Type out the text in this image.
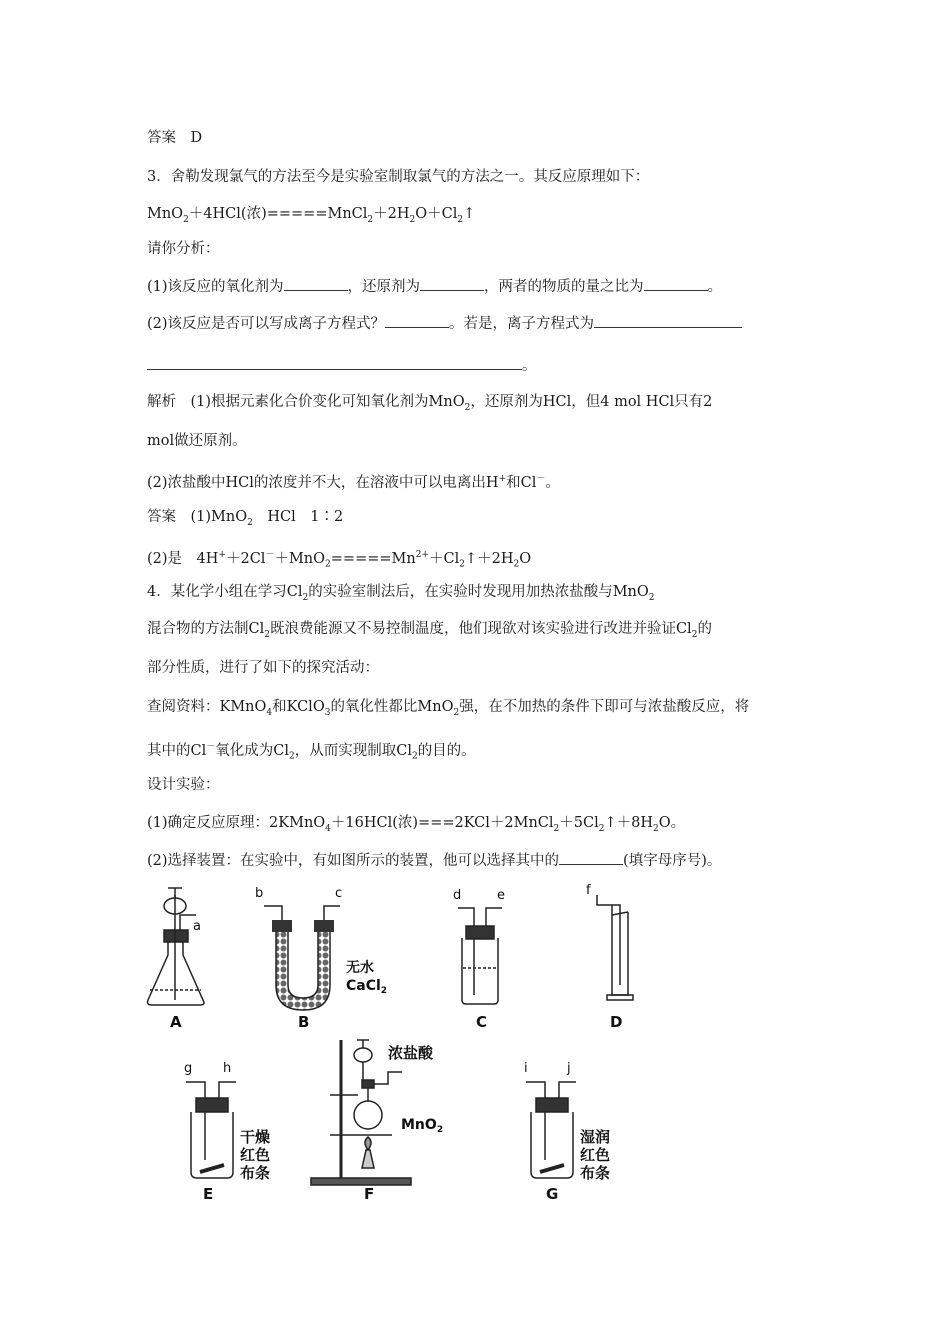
答案　D
3．舍勒发现氯气的方法至今是实验室制取氯气的方法之一。其反应原理如下：
MnO$_2$＋4HCl(浓)$=====MnCl_2+2H_2O+Cl_2↑$
请你分析：
(1)该反应的氧化剂为	，还原剂为	，两者的物质的量之比为	。
(2)该反应是否可以写成离子方程式？	。若是，离子方程式为
。
解析　(1)根据元素化合价变化可知氧化剂为MnO$_2$，还原剂为HCl，但4 mol HCl只有2
mol做还原剂。
(2)浓盐酸中HCl的浓度并不大，在溶液中可以电离出H+和Cl－。
答案　(1)MnO$_2$　HCl　1∶2
(2)是　$4H^++2Cl^-+MnO_2=====Mn^{2+}+Cl_2↑+2H_2O$
4．某化学小组在学习$Cl_2$的实验室制法后，在实验时发现用加热浓盐酸与MnO$_2$
混合物的方法制$Cl_2$既浪费能源又不易控制温度，他们现欲对该实验进行改进并验证$Cl_2$的
部分性质，进行了如下的探究活动：
查阅资料：KMnO$_4$和KClO$_3$的氧化性都比MnO$_2$强，在不加热的条件下即可与浓盐酸反应，将
其中的Cl－氧化成为$Cl_2$，从而实现制取$Cl_2$的目的。
设计实验：
(1)确定反应原理：2KMnO$_4$＋16HCl(浓)$===2KCl+2MnCl_2+5Cl_2↑+8H_2O$。
(2)选择装置：在实验中，有如图所示的装置，他可以选择其中的	(填字母序号)。
a
A
b	c
无水
CaCl$_2$
B
d	e
C
f
D
g h
干燥
红色
布条
E
浓盐酸
MnO$_2$
F
i	j
湿润
红色
布条
G
